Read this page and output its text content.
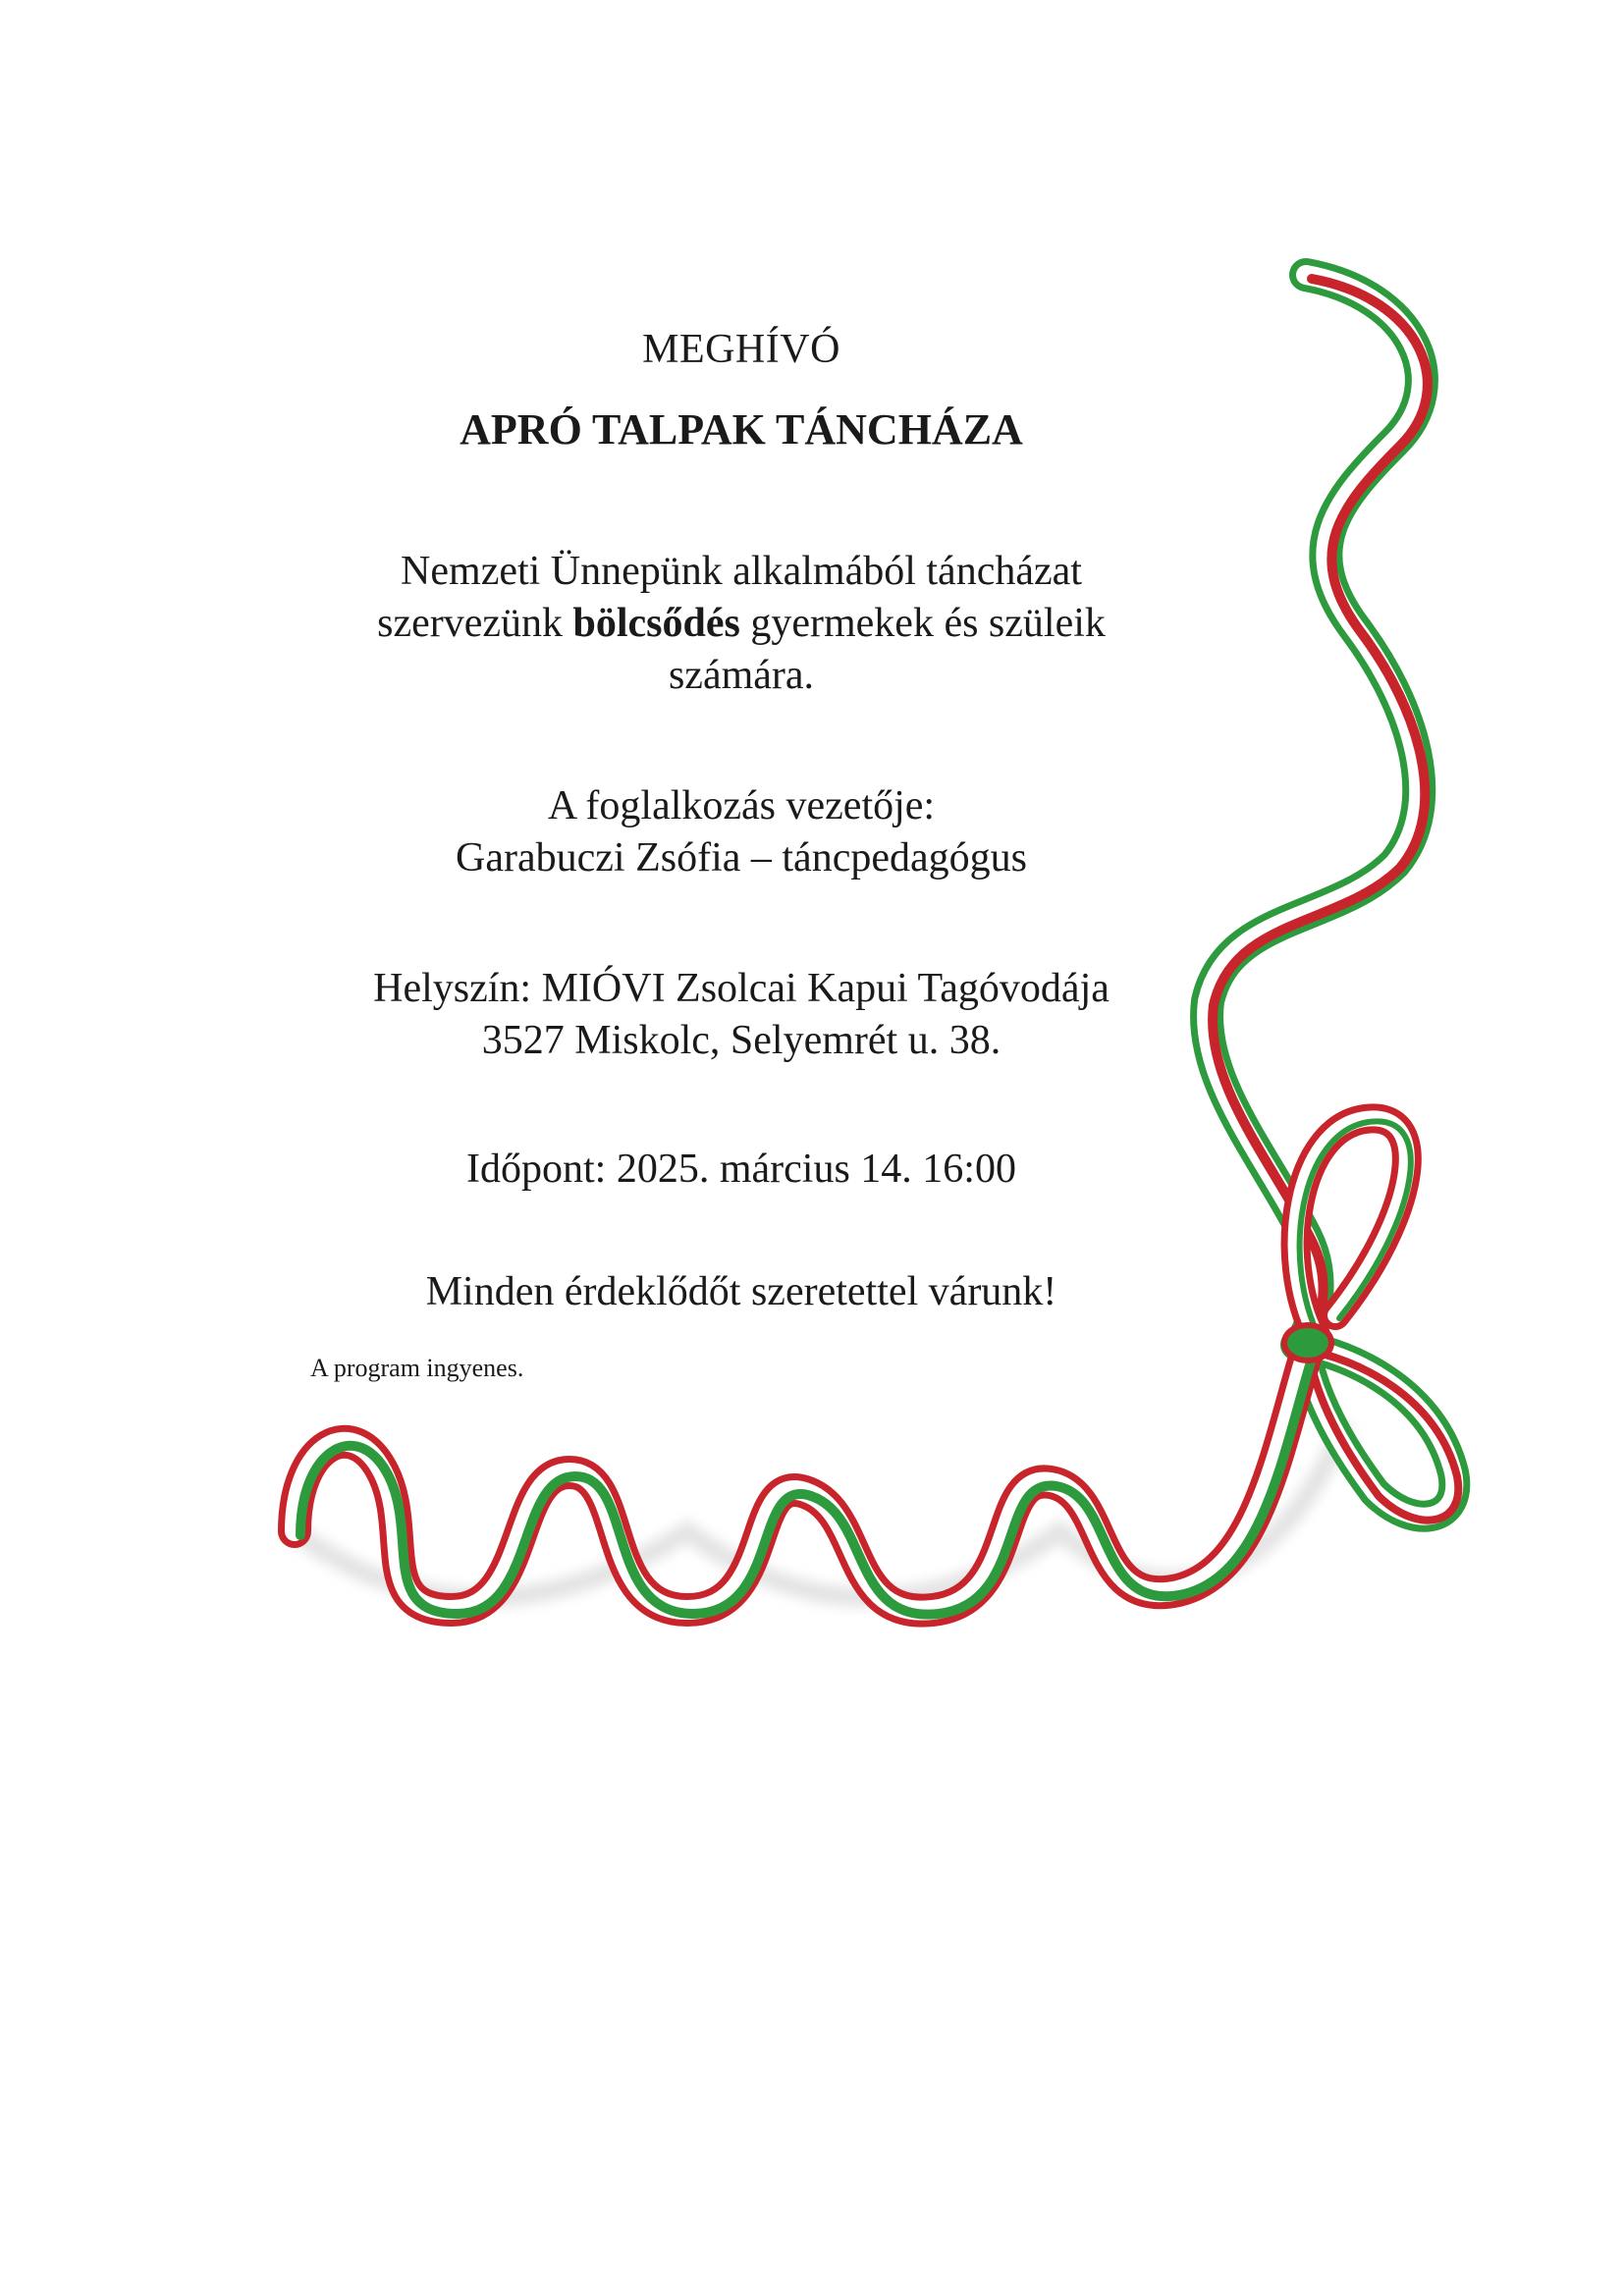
MEGHÍVÓ
APRÓ TALPAK TÁNCHÁZA

Nemzeti Ünnepünk alkalmából táncházat

szervezünk bölcsődés gyermekek és szüleik

számára.

A foglalkozás vezetője:

Garabuczi Zsófia – táncpedagógus

Helyszín: MIÓVI Zsolcai Kapui Tagóvodája

3527 Miskolc, Selyemrét u. 38.

Időpont: 2025. március 14. 16:00

Minden érdeklődőt szeretettel várunk!

A program ingyenes.
